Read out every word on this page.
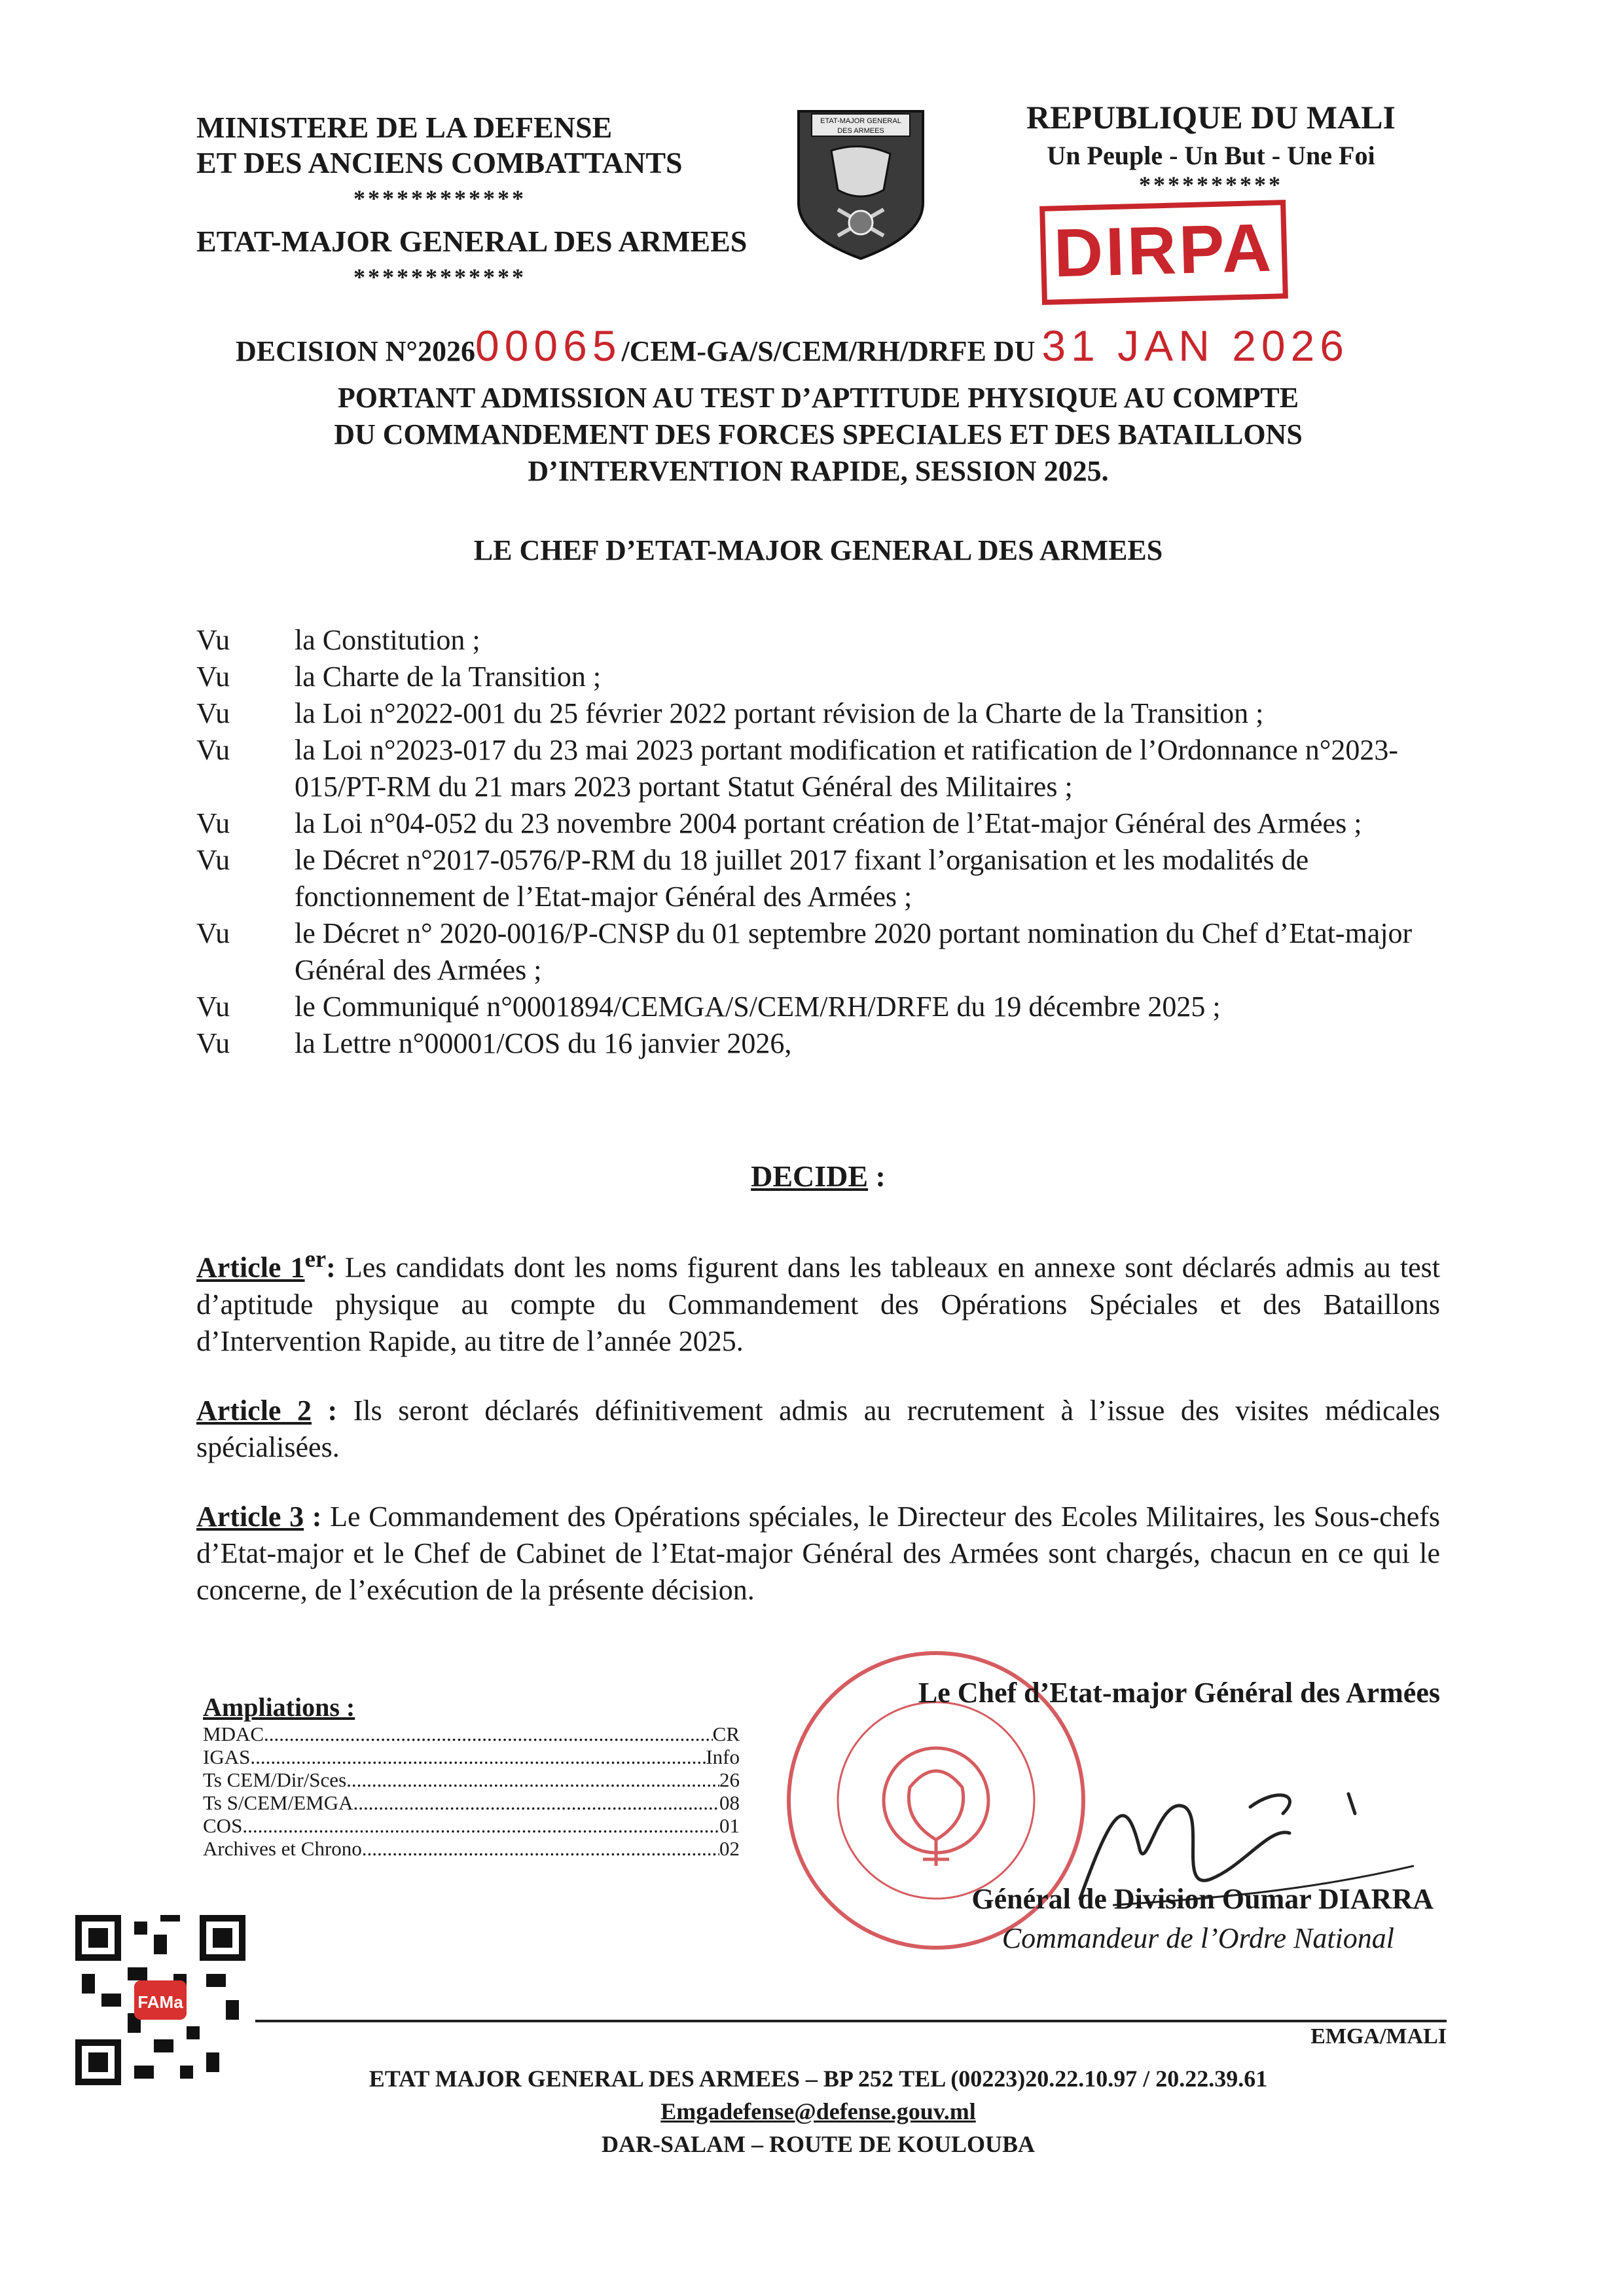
MINISTERE DE LA DEFENSE
ET DES ANCIENS COMBATTANTS
************
ETAT-MAJOR GENERAL DES ARMEES
************
ETAT-MAJOR GENERAL
DES ARMEES	REPUBLIQUE DU MALI
Un Peuple - Un But - Une Foi
**********
DIRPA
DECISION N°202600065/CEM-GA/S/CEM/RH/DRFE DU 31 JAN 2026
PORTANT ADMISSION AU TEST D’APTITUDE PHYSIQUE AU COMPTE
DU COMMANDEMENT DES FORCES SPECIALES ET DES BATAILLONS
D’INTERVENTION RAPIDE, SESSION 2025.
LE CHEF D’ETAT-MAJOR GENERAL DES ARMEES
Vu	la Constitution ;
Vu	la Charte de la Transition ;
Vu	la Loi n°2022-001 du 25 février 2022 portant révision de la Charte de la Transition ;
Vu	la Loi n°2023-017 du 23 mai 2023 portant modification et ratification de l’Ordonnance n°2023-015/PT-RM du 21 mars 2023 portant Statut Général des Militaires ;
Vu	la Loi n°04-052 du 23 novembre 2004 portant création de l’Etat-major Général des Armées ;
Vu	le Décret n°2017-0576/P-RM du 18 juillet 2017 fixant l’organisation et les modalités de fonctionnement de l’Etat-major Général des Armées ;
Vu	le Décret n° 2020-0016/P-CNSP du 01 septembre 2020 portant nomination du Chef d’Etat-major Général des Armées ;
Vu	le Communiqué n°0001894/CEMGA/S/CEM/RH/DRFE du 19 décembre 2025 ;
Vu	la Lettre n°00001/COS du 16 janvier 2026,
DECIDE :
Article 1er: Les candidats dont les noms figurent dans les tableaux en annexe sont déclarés admis au test d’aptitude physique au compte du Commandement des Opérations Spéciales et des Bataillons d’Intervention Rapide, au titre de l’année 2025.
Article 2 : Ils seront déclarés définitivement admis au recrutement à l’issue des visites médicales spécialisées.
Article 3 : Le Commandement des Opérations spéciales, le Directeur des Ecoles Militaires, les Sous-chefs d’Etat-major et le Chef de Cabinet de l’Etat-major Général des Armées sont chargés, chacun en ce qui le concerne, de l’exécution de la présente décision.
Ampliations :
MDAC .....	CR
IGAS .....	Info
Ts CEM/Dir/Sces .....	26
Ts S/CEM/EMGA .....	08
COS .....	01
Archives et Chrono .....	02
Le Chef d’Etat-major Général des Armées
Général de Division Oumar DIARRA
Commandeur de l’Ordre National
FAMa
EMGA/MALI
ETAT MAJOR GENERAL DES ARMEES – BP 252 TEL (00223)20.22.10.97 / 20.22.39.61
Emgadefense@defense.gouv.ml
DAR-SALAM – ROUTE DE KOULOUBA
